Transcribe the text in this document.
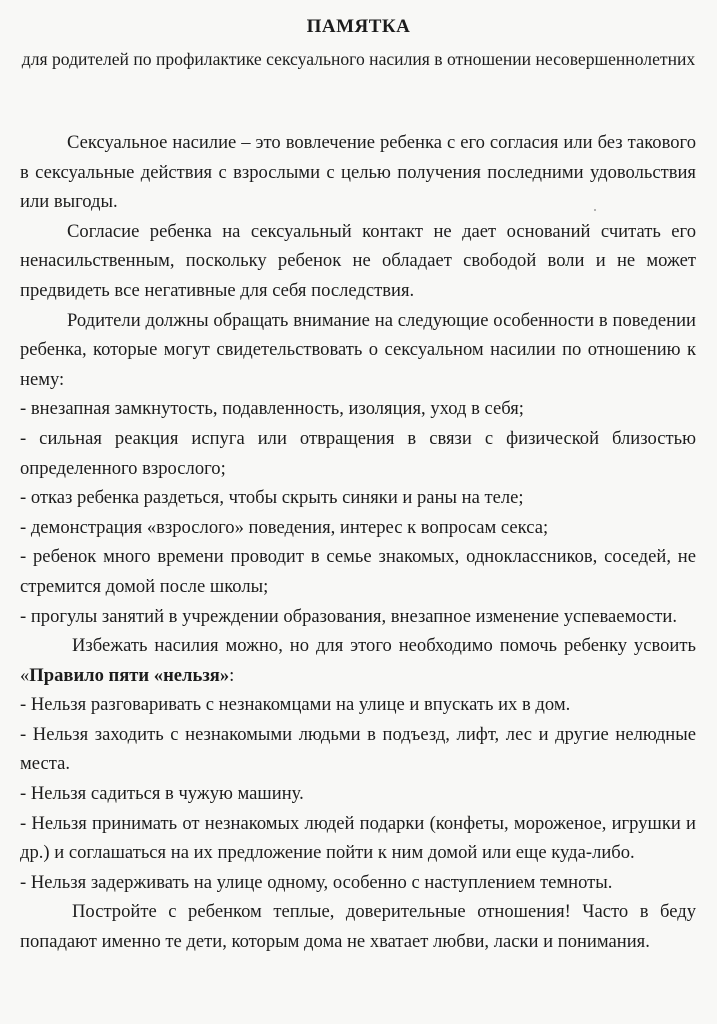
ПАМЯТКА
для родителей по профилактике сексуального насилия в отношении несовершеннолетних

Сексуальное насилие – это вовлечение ребенка с его согласия или без такового в сексуальные действия с взрослыми с целью получения последними удовольствия или выгоды.

Согласие ребенка на сексуальный контакт не дает оснований считать его ненасильственным, поскольку ребенок не обладает свободой воли и не может предвидеть все негативные для себя последствия.

Родители должны обращать внимание на следующие особенности в поведении ребенка, которые могут свидетельствовать о сексуальном насилии по отношению к нему:

- внезапная замкнутость, подавленность, изоляция, уход в себя;

- сильная реакция испуга или отвращения в связи с физической близостью определенного взрослого;

- отказ ребенка раздеться, чтобы скрыть синяки и раны на теле;

- демонстрация «взрослого» поведения, интерес к вопросам секса;

- ребенок много времени проводит в семье знакомых, одноклассников, соседей, не стремится домой после школы;

- прогулы занятий в учреждении образования, внезапное изменение успеваемости.

Избежать насилия можно, но для этого необходимо помочь ребенку усвоить «Правило пяти «нельзя»:

- Нельзя разговаривать с незнакомцами на улице и впускать их в дом.

- Нельзя заходить с незнакомыми людьми в подъезд, лифт, лес и другие нелюдные места.

- Нельзя садиться в чужую машину.

- Нельзя принимать от незнакомых людей подарки (конфеты, мороженое, игрушки и др.) и соглашаться на их предложение пойти к ним домой или еще куда-либо.

- Нельзя задерживать на улице одному, особенно с наступлением темноты.

Постройте с ребенком теплые, доверительные отношения! Часто в беду попадают именно те дети, которым дома не хватает любви, ласки и понимания.
